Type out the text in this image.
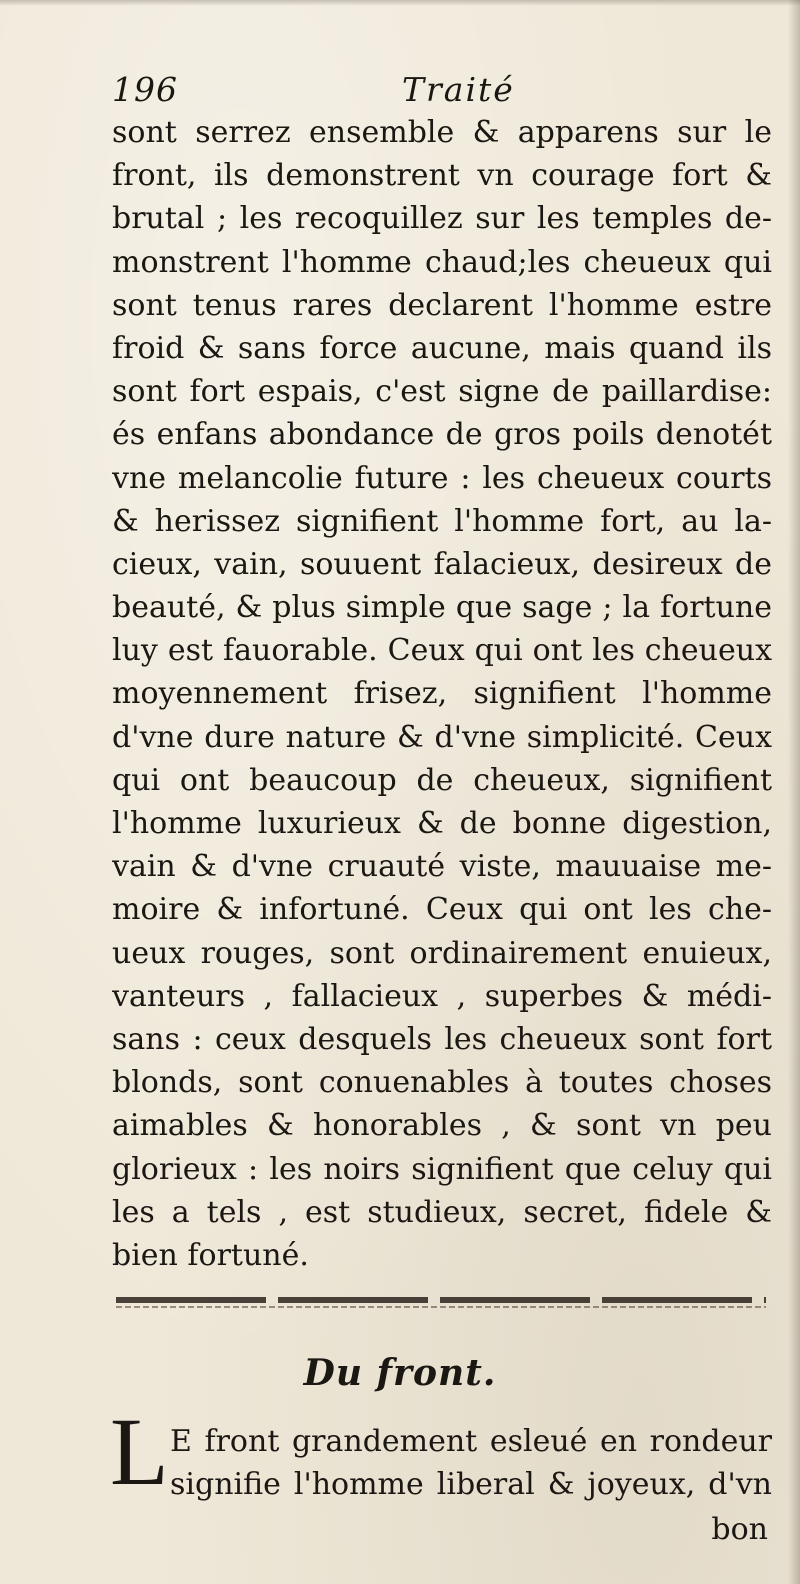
196	Traité
sont serrez ensemble & apparens sur le
front, ils demonstrent vn courage fort &
brutal ; les recoquillez sur les temples de-
monstrent l'homme chaud;les cheueux qui
sont tenus rares declarent l'homme estre
froid & sans force aucune, mais quand ils
sont fort espais, c'est signe de paillardise:
és enfans abondance de gros poils denotét
vne melancolie future : les cheueux courts
& herissez signifient l'homme fort, au la-
cieux, vain, souuent falacieux, desireux de
beauté, & plus simple que sage ; la fortune
luy est fauorable. Ceux qui ont les cheueux
moyennement frisez, signifient l'homme
d'vne dure nature & d'vne simplicité. Ceux
qui ont beaucoup de cheueux, signifient
l'homme luxurieux & de bonne digestion,
vain & d'vne cruauté viste, mauuaise me-
moire & infortuné. Ceux qui ont les che-
ueux rouges, sont ordinairement enuieux,
vanteurs , fallacieux , superbes & médi-
sans : ceux desquels les cheueux sont fort
blonds, sont conuenables à toutes choses
aimables & honorables , & sont vn peu
glorieux : les noirs signifient que celuy qui
les a tels , est studieux, secret, fidele &
bien fortuné.
Du front.
L E front grandement esleué en rondeur
signifie l'homme liberal & joyeux, d'vn
bon
